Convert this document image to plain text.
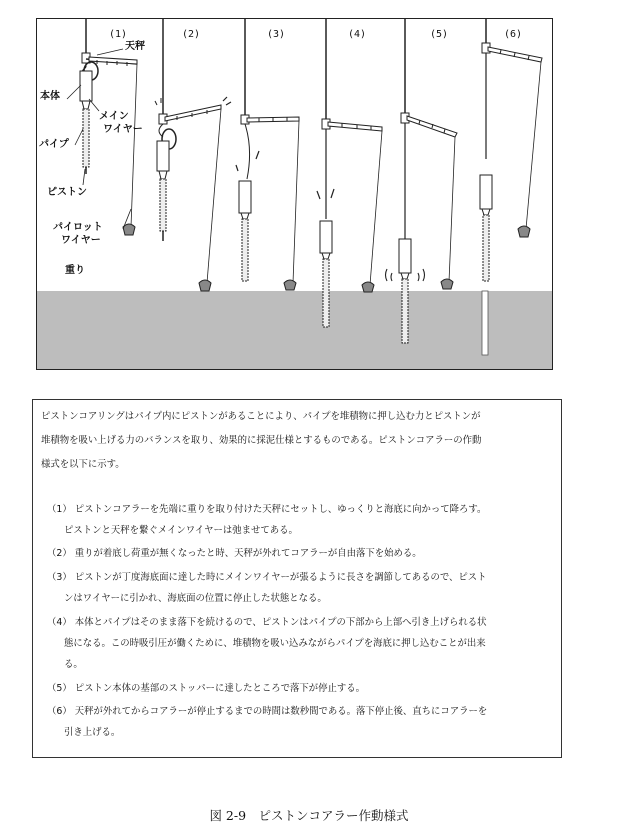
(1)	(2)	(3)	(4)	(5)	(6)
天秤
本体
メイン
ワイヤー
パイプ
ピストン
パイロット
ワイヤー
重り
ピストンコアリングはパイプ内にピストンがあることにより、パイプを堆積物に押し込む力とピストンが
堆積物を吸い上げる力のバランスを取り、効果的に採泥仕様とするものである。ピストンコアラーの作動
様式を以下に示す。
（1） ピストンコアラーを先端に重りを取り付けた天秤にセットし、ゆっくりと海底に向かって降ろす。
ピストンと天秤を繋ぐメインワイヤーは弛ませてある。
（2） 重りが着底し荷重が無くなったと時、天秤が外れてコアラーが自由落下を始める。
（3） ピストンが丁度海底面に達した時にメインワイヤーが張るように長さを調節してあるので、ピスト
ンはワイヤーに引かれ、海底面の位置に停止した状態となる。
（4） 本体とパイプはそのまま落下を続けるので、ピストンはパイプの下部から上部へ引き上げられる状
態になる。この時吸引圧が働くために、堆積物を吸い込みながらパイプを海底に押し込むことが出来
る。
（5） ピストン本体の基部のストッパーに達したところで落下が停止する。
（6） 天秤が外れてからコアラーが停止するまでの時間は数秒間である。落下停止後、直ちにコアラーを
引き上げる。
図 2-9　ピストンコアラー作動様式
